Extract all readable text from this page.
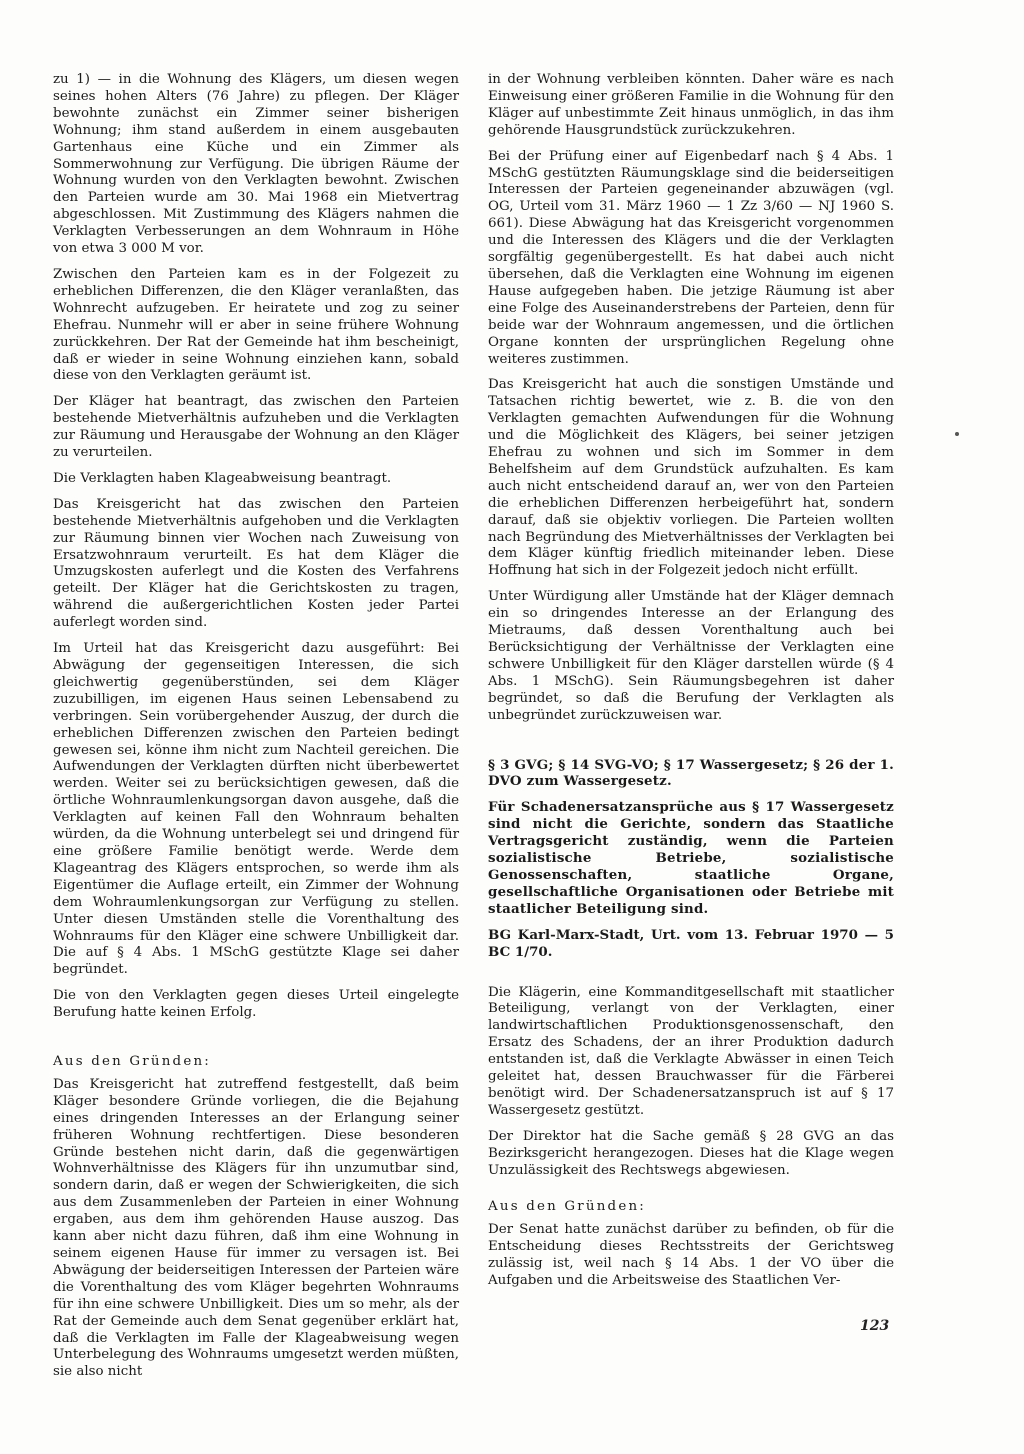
zu 1) — in die Wohnung des Klägers, um diesen wegen seines hohen Alters (76 Jahre) zu pflegen. Der Kläger bewohnte zunächst ein Zimmer seiner bisherigen Wohnung; ihm stand außerdem in einem ausgebauten Gartenhaus eine Küche und ein Zimmer als Sommerwohnung zur Verfügung. Die übrigen Räume der Wohnung wurden von den Verklagten bewohnt. Zwischen den Parteien wurde am 30. Mai 1968 ein Mietvertrag abgeschlossen. Mit Zustimmung des Klägers nahmen die Verklagten Verbesserungen an dem Wohnraum in Höhe von etwa 3 000 M vor.

Zwischen den Parteien kam es in der Folgezeit zu erheblichen Differenzen, die den Kläger veranlaßten, das Wohnrecht aufzugeben. Er heiratete und zog zu seiner Ehefrau. Nunmehr will er aber in seine frühere Wohnung zurückkehren. Der Rat der Gemeinde hat ihm bescheinigt, daß er wieder in seine Wohnung einziehen kann, sobald diese von den Verklagten geräumt ist.

Der Kläger hat beantragt, das zwischen den Parteien bestehende Mietverhältnis aufzuheben und die Verklagten zur Räumung und Herausgabe der Wohnung an den Kläger zu verurteilen.

Die Verklagten haben Klageabweisung beantragt.

Das Kreisgericht hat das zwischen den Parteien bestehende Mietverhältnis aufgehoben und die Verklagten zur Räumung binnen vier Wochen nach Zuweisung von Ersatzwohnraum verurteilt. Es hat dem Kläger die Umzugskosten auferlegt und die Kosten des Verfahrens geteilt. Der Kläger hat die Gerichtskosten zu tragen, während die außergerichtlichen Kosten jeder Partei auferlegt worden sind.

Im Urteil hat das Kreisgericht dazu ausgeführt: Bei Abwägung der gegenseitigen Interessen, die sich gleichwertig gegenüberstünden, sei dem Kläger zuzubilligen, im eigenen Haus seinen Lebensabend zu verbringen. Sein vorübergehender Auszug, der durch die erheblichen Differenzen zwischen den Parteien bedingt gewesen sei, könne ihm nicht zum Nachteil gereichen. Die Aufwendungen der Verklagten dürften nicht überbewertet werden. Weiter sei zu berücksichtigen gewesen, daß die örtliche Wohnraumlenkungsorgan davon ausgehe, daß die Verklagten auf keinen Fall den Wohnraum behalten würden, da die Wohnung unterbelegt sei und dringend für eine größere Familie benötigt werde. Werde dem Klageantrag des Klägers entsprochen, so werde ihm als Eigentümer die Auflage erteilt, ein Zimmer der Wohnung dem Wohraumlenkungsorgan zur Verfügung zu stellen. Unter diesen Umständen stelle die Vorenthaltung des Wohnraums für den Kläger eine schwere Unbilligkeit dar. Die auf § 4 Abs. 1 MSchG gestützte Klage sei daher begründet.

Die von den Verklagten gegen dieses Urteil eingelegte Berufung hatte keinen Erfolg.

Aus den Gründen:

Das Kreisgericht hat zutreffend festgestellt, daß beim Kläger besondere Gründe vorliegen, die die Bejahung eines dringenden Interesses an der Erlangung seiner früheren Wohnung rechtfertigen. Diese besonderen Gründe bestehen nicht darin, daß die gegenwärtigen Wohnverhältnisse des Klägers für ihn unzumutbar sind, sondern darin, daß er wegen der Schwierigkeiten, die sich aus dem Zusammenleben der Parteien in einer Wohnung ergaben, aus dem ihm gehörenden Hause auszog. Das kann aber nicht dazu führen, daß ihm eine Wohnung in seinem eigenen Hause für immer zu versagen ist. Bei Abwägung der beiderseitigen Interessen der Parteien wäre die Vorenthaltung des vom Kläger begehrten Wohnraums für ihn eine schwere Unbilligkeit. Dies um so mehr, als der Rat der Gemeinde auch dem Senat gegenüber erklärt hat, daß die Verklagten im Falle der Klageabweisung wegen Unterbelegung des Wohnraums umgesetzt werden müßten, sie also nicht

in der Wohnung verbleiben könnten. Daher wäre es nach Einweisung einer größeren Familie in die Wohnung für den Kläger auf unbestimmte Zeit hinaus unmöglich, in das ihm gehörende Hausgrundstück zurückzukehren.

Bei der Prüfung einer auf Eigenbedarf nach § 4 Abs. 1 MSchG gestützten Räumungsklage sind die beiderseitigen Interessen der Parteien gegeneinander abzuwägen (vgl. OG, Urteil vom 31. März 1960 — 1 Zz 3/60 — NJ 1960 S. 661). Diese Abwägung hat das Kreisgericht vorgenommen und die Interessen des Klägers und die der Verklagten sorgfältig gegenübergestellt. Es hat dabei auch nicht übersehen, daß die Verklagten eine Wohnung im eigenen Hause aufgegeben haben. Die jetzige Räumung ist aber eine Folge des Auseinanderstrebens der Parteien, denn für beide war der Wohnraum angemessen, und die örtlichen Organe konnten der ursprünglichen Regelung ohne weiteres zustimmen.

Das Kreisgericht hat auch die sonstigen Umstände und Tatsachen richtig bewertet, wie z. B. die von den Verklagten gemachten Aufwendungen für die Wohnung und die Möglichkeit des Klägers, bei seiner jetzigen Ehefrau zu wohnen und sich im Sommer in dem Behelfsheim auf dem Grundstück aufzuhalten. Es kam auch nicht entscheidend darauf an, wer von den Parteien die erheblichen Differenzen herbeigeführt hat, sondern darauf, daß sie objektiv vorliegen. Die Parteien wollten nach Begründung des Mietverhältnisses der Verklagten bei dem Kläger künftig friedlich miteinander leben. Diese Hoffnung hat sich in der Folgezeit jedoch nicht erfüllt.

Unter Würdigung aller Umstände hat der Kläger demnach ein so dringendes Interesse an der Erlangung des Mietraums, daß dessen Vorenthaltung auch bei Berücksichtigung der Verhältnisse der Verklagten eine schwere Unbilligkeit für den Kläger darstellen würde (§ 4 Abs. 1 MSchG). Sein Räumungsbegehren ist daher begründet, so daß die Berufung der Verklagten als unbegründet zurückzuweisen war.

§ 3 GVG; § 14 SVG-VO; § 17 Wassergesetz; § 26 der 1. DVO zum Wassergesetz.

Für Schadenersatzansprüche aus § 17 Wassergesetz sind nicht die Gerichte, sondern das Staatliche Vertragsgericht zuständig, wenn die Parteien sozialistische Betriebe, sozialistische Genossenschaften, staatliche Organe, gesellschaftliche Organisationen oder Betriebe mit staatlicher Beteiligung sind.

BG Karl-Marx-Stadt, Urt. vom 13. Februar 1970 — 5 BC 1/70.

Die Klägerin, eine Kommanditgesellschaft mit staatlicher Beteiligung, verlangt von der Verklagten, einer landwirtschaftlichen Produktionsgenossenschaft, den Ersatz des Schadens, der an ihrer Produktion dadurch entstanden ist, daß die Verklagte Abwässer in einen Teich geleitet hat, dessen Brauchwasser für die Färberei benötigt wird. Der Schadenersatzanspruch ist auf § 17 Wassergesetz gestützt.

Der Direktor hat die Sache gemäß § 28 GVG an das Bezirksgericht herangezogen. Dieses hat die Klage wegen Unzulässigkeit des Rechtswegs abgewiesen.

Aus den Gründen:

Der Senat hatte zunächst darüber zu befinden, ob für die Entscheidung dieses Rechtsstreits der Gerichtsweg zulässig ist, weil nach § 14 Abs. 1 der VO über die Aufgaben und die Arbeitsweise des Staatlichen Ver-

123
